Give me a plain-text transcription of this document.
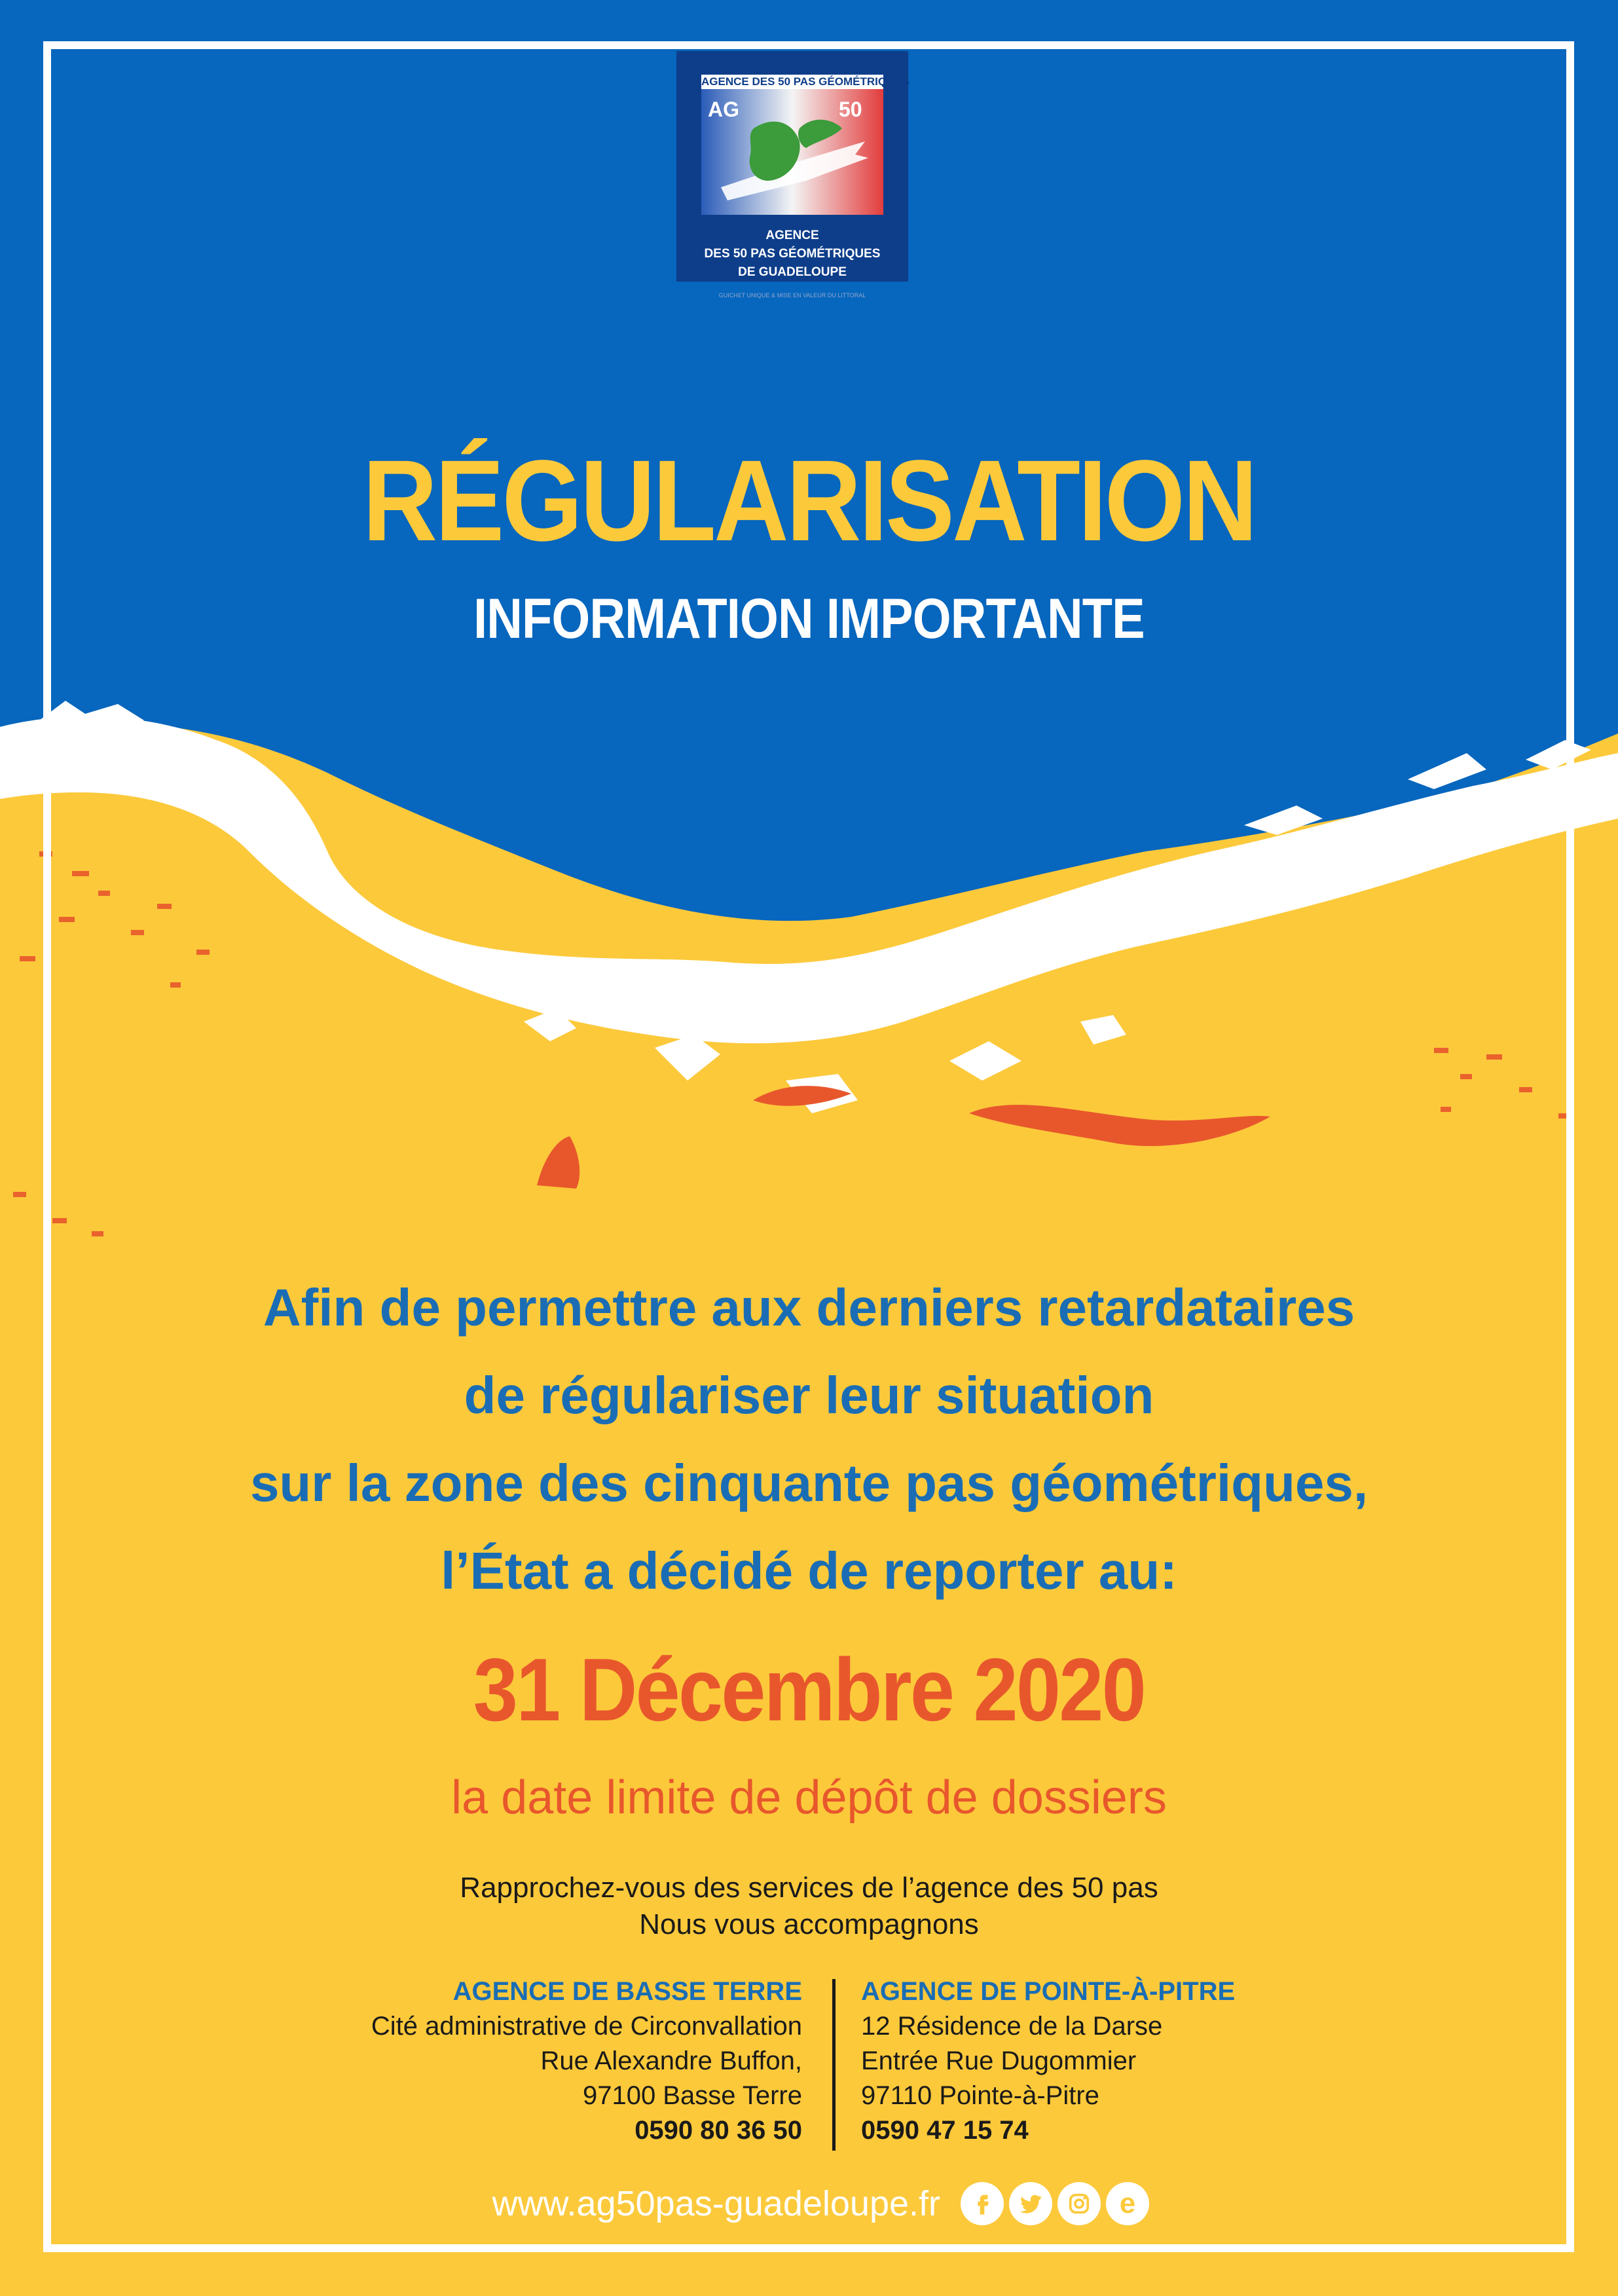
AGENCE DES 50 PAS GÉOMÉTRIQUES
AG	50
AGENCE
DES 50 PAS GÉOMÉTRIQUES
DE GUADELOUPE
GUICHET UNIQUE & MISE EN VALEUR DU LITTORAL
RÉGULARISATION
INFORMATION IMPORTANTE
Afin de permettre aux derniers retardataires
de régulariser leur situation
sur la zone des cinquante pas géométriques,
l’État a décidé de reporter au:
31 Décembre 2020
la date limite de dépôt de dossiers
Rapprochez-vous des services de l’agence des 50 pas
Nous vous accompagnons
AGENCE DE BASSE TERRE
Cité administrative de Circonvallation
Rue Alexandre Buffon,
97100 Basse Terre
0590 80 36 50
AGENCE DE POINTE-À-PITRE
12 Résidence de la Darse
Entrée Rue Dugommier
97110 Pointe-à-Pitre
0590 47 15 74
www.ag50pas-guadeloupe.fr	e
